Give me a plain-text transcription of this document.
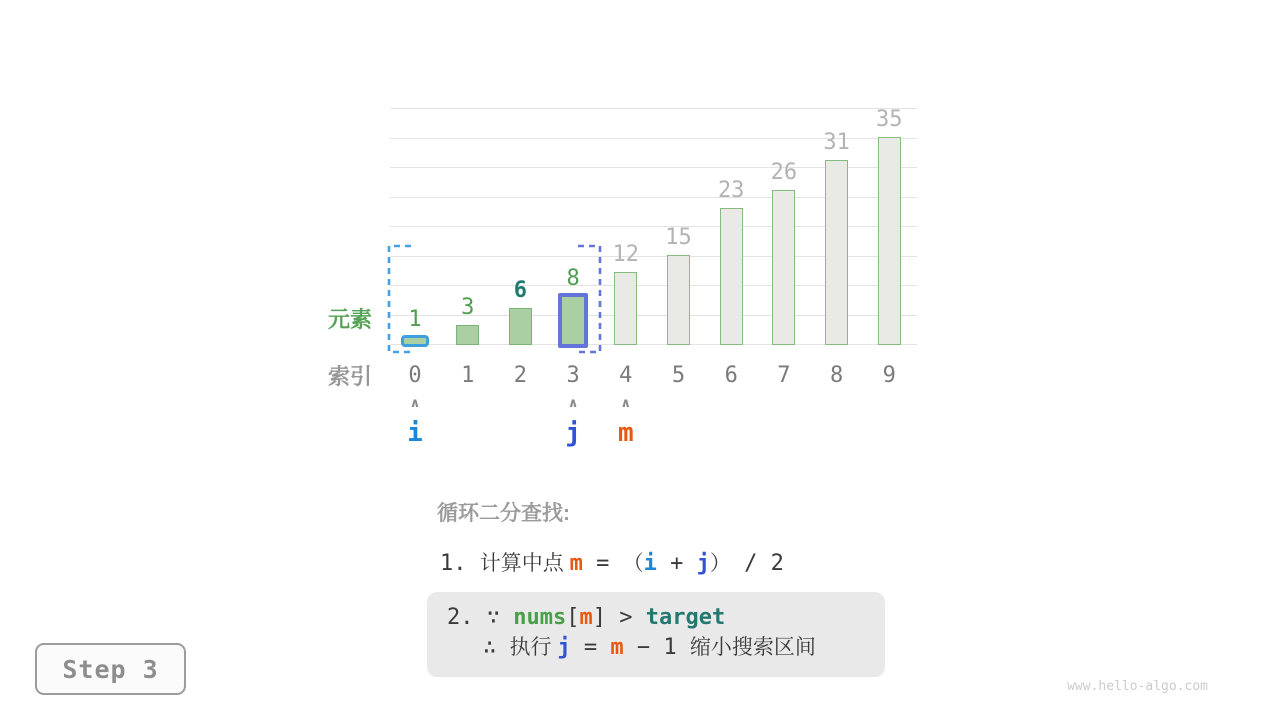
1
0
3
1
6
2
8
3
12
4
15
5
23
6
26
7
31
8
35
9
∧
i
∧
j
∧
m
元素
索引
循环二分查找:
1. 计算中点 m = （i + j） / 2
2. ∵ nums[m] > target
∴ 执行 j = m − 1 缩小搜索区间
Step 3
www.hello-algo.com
